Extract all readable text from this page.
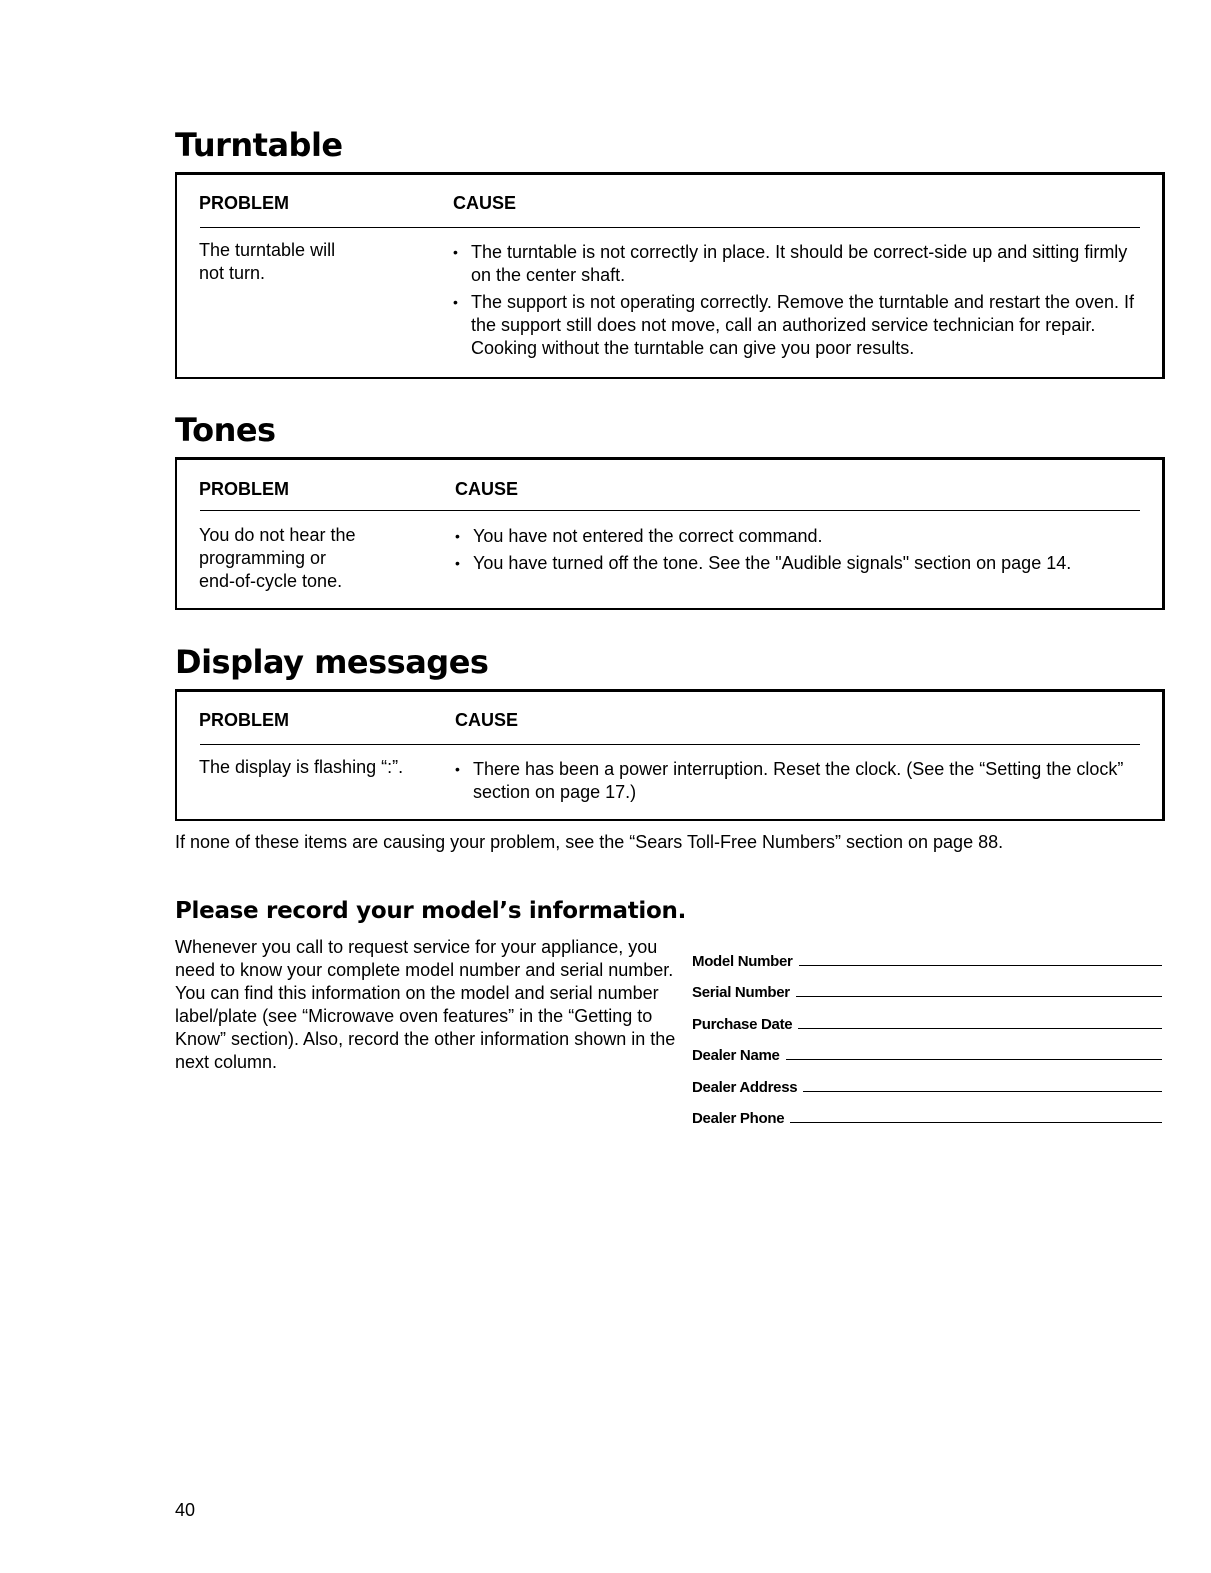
Turntable
PROBLEM	CAUSE
The turntable will
not turn.
• The turntable is not correctly in place. It should be correct-side up and sitting firmly on the center shaft.
• The support is not operating correctly. Remove the turntable and restart the oven. If the support still does not move, call an authorized service technician for repair. Cooking without the turntable can give you poor results.
Tones
PROBLEM	CAUSE
You do not hear the
programming or
end-of-cycle tone.
• You have not entered the correct command.
• You have turned off the tone. See the "Audible signals" section on page 14.
Display messages
PROBLEM	CAUSE
The display is flashing “:”.
•	There has been a power interruption. Reset the clock. (See the “Setting the clock” section on page 17.)
If none of these items are causing your problem, see the “Sears Toll-Free Numbers” section on page 88.
Please record your model’s information.

Whenever you call to request service for your appliance, you need to know your complete model number and serial number. You can find this information on the model and serial number label/plate (see “Microwave oven features” in the “Getting to Know” section). Also, record the other information shown in the next column.

Model Number
Serial Number
Purchase Date
Dealer Name
Dealer Address
Dealer Phone
40
